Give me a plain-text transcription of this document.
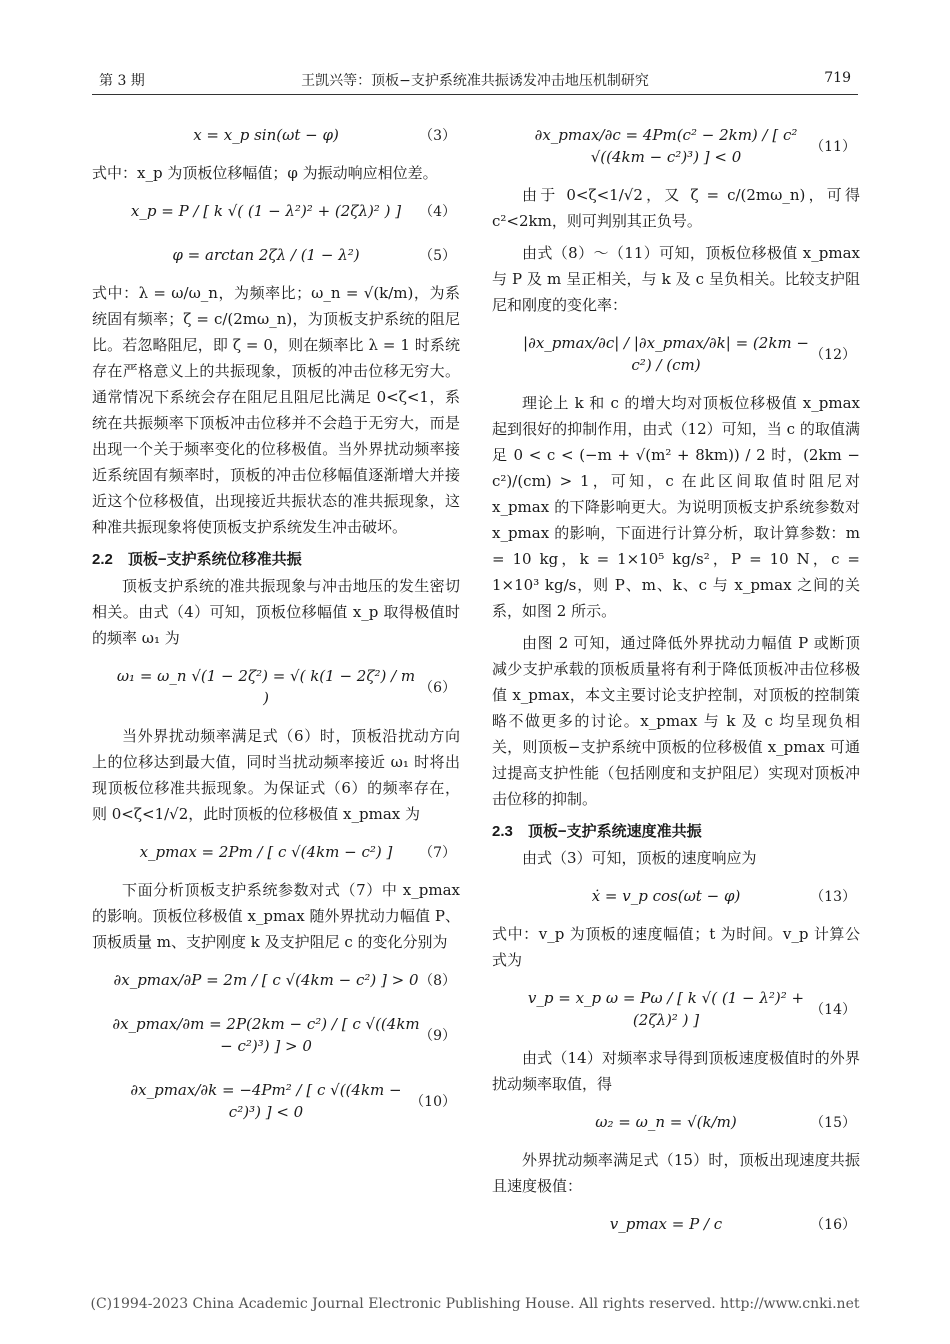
第 3 期	王凯兴等：顶板−支护系统准共振诱发冲击地压机制研究	719
x = x_p sin(ωt − φ)	（3）

式中：x_p 为顶板位移幅值；φ 为振动响应相位差。

x_p = P / [ k √( (1 − λ²)² + (2ζλ)² ) ]	（4）
φ = arctan 2ζλ / (1 − λ²)	（5）

式中：λ = ω/ω_n，为频率比；ω_n = √(k/m)，为系统固有频率；ζ = c/(2mω_n)，为顶板支护系统的阻尼比。若忽略阻尼，即 ζ = 0，则在频率比 λ = 1 时系统存在严格意义上的共振现象，顶板的冲击位移无穷大。通常情况下系统会存在阻尼且阻尼比满足 0<ζ<1，系统在共振频率下顶板冲击位移并不会趋于无穷大，而是出现一个关于频率变化的位移极值。当外界扰动频率接近系统固有频率时，顶板的冲击位移幅值逐渐增大并接近这个位移极值，出现接近共振状态的准共振现象，这种准共振现象将使顶板支护系统发生冲击破坏。

2.2　顶板−支护系统位移准共振

顶板支护系统的准共振现象与冲击地压的发生密切相关。由式（4）可知，顶板位移幅值 x_p 取得极值时的频率 ω₁ 为

ω₁ = ω_n √(1 − 2ζ²) = √( k(1 − 2ζ²) / m )
（6）

当外界扰动频率满足式（6）时，顶板沿扰动方向上的位移达到最大值，同时当扰动频率接近 ω₁ 时将出现顶板位移准共振现象。为保证式（6）的频率存在，则 0<ζ<1/√2，此时顶板的位移极值 x_pmax 为

x_pmax = 2Pm / [ c √(4km − c²) ]	（7）

下面分析顶板支护系统参数对式（7）中 x_pmax 的影响。顶板位移极值 x_pmax 随外界扰动力幅值 P、顶板质量 m、支护刚度 k 及支护阻尼 c 的变化分别为

∂x_pmax/∂P = 2m / [ c √(4km − c²) ] > 0 （8）
∂x_pmax/∂m = 2P(2km − c²) / [ c √((4km − c²)³) ] > 0
（9）
∂x_pmax/∂k = −4Pm² / [ c √((4km − c²)³) ] < 0
（10）
∂x_pmax/∂c = 4Pm(c² − 2km) / [ c² √((4km − c²)³) ] < 0
（11）

由于 0<ζ<1/√2，又 ζ = c/(2mω_n)，可得 c²<2km，则可判别其正负号。

由式（8）～（11）可知，顶板位移极值 x_pmax 与 P 及 m 呈正相关，与 k 及 c 呈负相关。比较支护阻尼和刚度的变化率：

|∂x_pmax/∂c| / |∂x_pmax/∂k| = (2km − c²) / (cm)
（12）

理论上 k 和 c 的增大均对顶板位移极值 x_pmax 起到很好的抑制作用，由式（12）可知，当 c 的取值满足 0 < c < (−m + √(m² + 8km)) / 2 时，(2km − c²)/(cm) > 1，可知，c 在此区间取值时阻尼对 x_pmax 的下降影响更大。为说明顶板支护系统参数对 x_pmax 的影响，下面进行计算分析，取计算参数：m = 10 kg，k = 1×10⁵ kg/s²，P = 10 N，c = 1×10³ kg/s，则 P、m、k、c 与 x_pmax 之间的关系，如图 2 所示。

由图 2 可知，通过降低外界扰动力幅值 P 或断顶减少支护承载的顶板质量将有利于降低顶板冲击位移极值 x_pmax，本文主要讨论支护控制，对顶板的控制策略不做更多的讨论。x_pmax 与 k 及 c 均呈现负相关，则顶板−支护系统中顶板的位移极值 x_pmax 可通过提高支护性能（包括刚度和支护阻尼）实现对顶板冲击位移的抑制。

2.3　顶板−支护系统速度准共振

由式（3）可知，顶板的速度响应为

ẋ = v_p cos(ωt − φ)	（13）

式中：v_p 为顶板的速度幅值；t 为时间。v_p 计算公式为

v_p = x_p ω = Pω / [ k √( (1 − λ²)² + (2ζλ)² ) ]
（14）

由式（14）对频率求导得到顶板速度极值时的外界扰动频率取值，得

ω₂ = ω_n = √(k/m)	（15）

外界扰动频率满足式（15）时，顶板出现速度共振且速度极值：

v_pmax = P / c	（16）
(C)1994-2023 China Academic Journal Electronic Publishing House. All rights reserved. http://www.cnki.net
